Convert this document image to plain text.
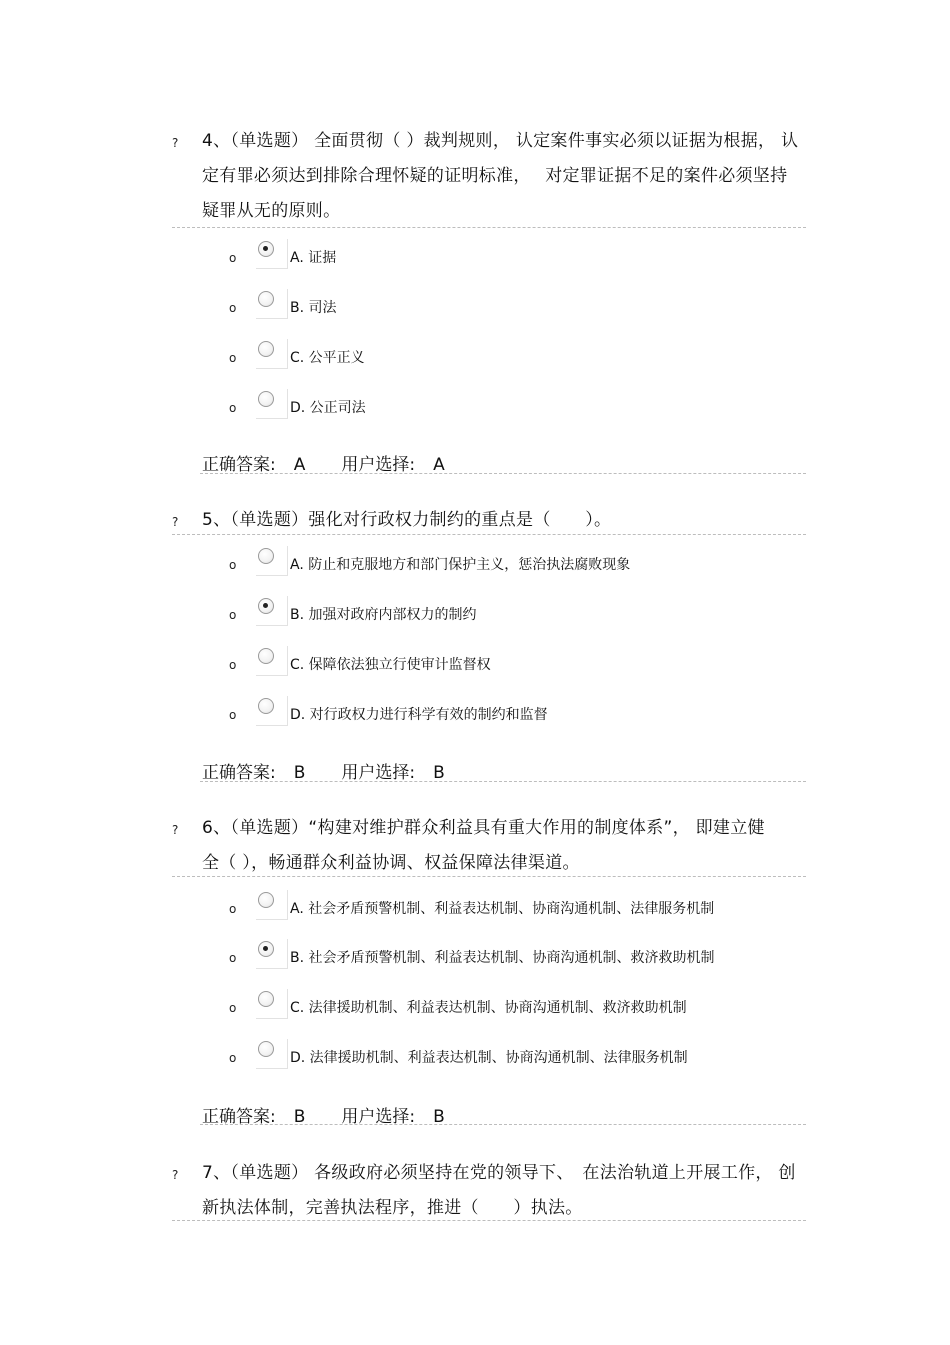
? 4、（单选题） 全面贯彻（ ）裁判规则， 认定案件事实必须以证据为根据， 认定有罪必须达到排除合理怀疑的证明标准，　 对定罪证据不足的案件必须坚持疑罪从无的原则。
o	A. 证据
o	B. 司法
o	C. 公平正义
o	D. 公正司法
正确答案: A 用户选择: A
? 5、（单选题）强化对行政权力制约的重点是（　　）。
o	A. 防止和克服地方和部门保护主义，惩治执法腐败现象
o	B. 加强对政府内部权力的制约
o	C. 保障依法独立行使审计监督权
o	D. 对行政权力进行科学有效的制约和监督
正确答案: B 用户选择: B
? 6、（单选题）“构建对维护群众利益具有重大作用的制度体系”， 即建立健全（ ），畅通群众利益协调、权益保障法律渠道。
o	A. 社会矛盾预警机制、利益表达机制、协商沟通机制、法律服务机制
o	B. 社会矛盾预警机制、利益表达机制、协商沟通机制、救济救助机制
o	C. 法律援助机制、利益表达机制、协商沟通机制、救济救助机制
o	D. 法律援助机制、利益表达机制、协商沟通机制、法律服务机制
正确答案: B 用户选择: B
? 7、（单选题） 各级政府必须坚持在党的领导下、　在法治轨道上开展工作， 创新执法体制，完善执法程序，推进（　　）执法。
